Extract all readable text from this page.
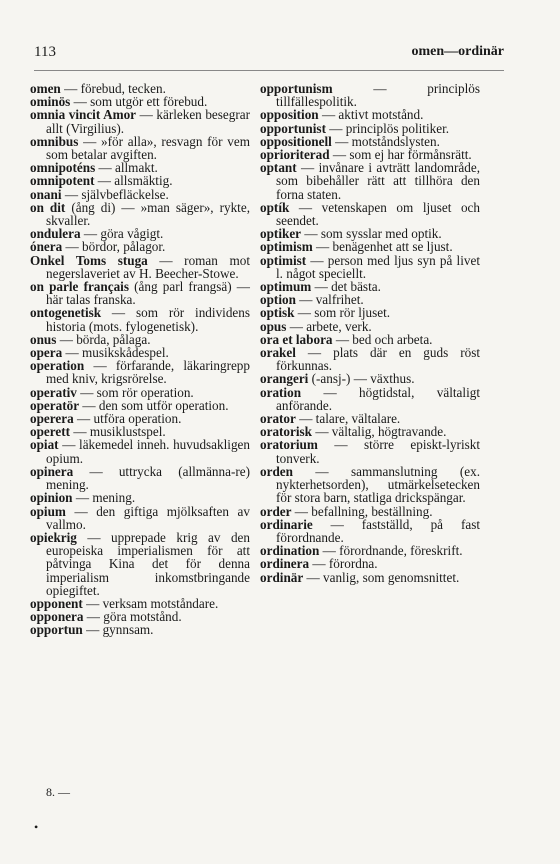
113	omen—ordinär
omen — förebud, tecken.
ominös — som utgör ett förebud.
omnia vincit Amor — kärleken besegrar allt (Virgilius).
omnibus — »för alla», resvagn för vem som betalar avgiften.
omnipoténs — allmakt.
omnipotent — allsmäktig.
onani — självbefläckelse.
on dit (ång di) — »man säger», rykte, skvaller.
ondulera — göra vågigt.
ónera — bördor, pålagor.
Onkel Toms stuga — roman mot negerslaveriet av H. Beecher-Stowe.
on parle français (ång parl frangsä) — här talas franska.
ontogenetisk — som rör individens historia (mots. fylogenetisk).
onus — börda, pålaga.
opera — musikskådespel.
operation — förfarande, läkaringrepp med kniv, krigsrörelse.
operativ — som rör operation.
operatör — den som utför operation.
operera — utföra operation.
operett — musiklustspel.
opiat — läkemedel inneh. huvudsakligen opium.
opinera — uttrycka (allmänna-re) mening.
opinion — mening.
opium — den giftiga mjölksaften av vallmo.
opiekrig — upprepade krig av den europeiska imperialismen för att påtvinga Kina det för denna imperialism inkomstbringande opiegiftet.
opponent — verksam motståndare.
opponera — göra motstånd.
opportun — gynnsam.
opportunism — principlös tillfällespolitik.
opposition — aktivt motstånd.
opportunist — principlös politiker.
oppositionell — motståndslysten.
oprioriterad — som ej har förmånsrätt.
optant — invånare i avträtt landområde, som bibehåller rätt att tillhöra den forna staten.
optík — vetenskapen om ljuset och seendet.
optiker — som sysslar med optik.
optimism — benägenhet att se ljust.
optimist — person med ljus syn på livet l. något speciellt.
optimum — det bästa.
option — valfrihet.
optisk — som rör ljuset.
opus — arbete, verk.
ora et labora — bed och arbeta.
orakel — plats där en guds röst förkunnas.
orangeri (-ansj-) — växthus.
oration — högtidstal, vältaligt anförande.
orator — talare, vältalare.
oratorisk — vältalig, högtravande.
oratorium — större episkt-lyriskt tonverk.
orden — sammanslutning (ex. nykterhetsorden), utmärkelsetecken för stora barn, statliga drickspängar.
order — befallning, beställning.
ordinarie — fastställd, på fast förordnande.
ordination — förordnande, föreskrift.
ordinera — förordna.
ordinär — vanlig, som genomsnittet.
8. —
•
